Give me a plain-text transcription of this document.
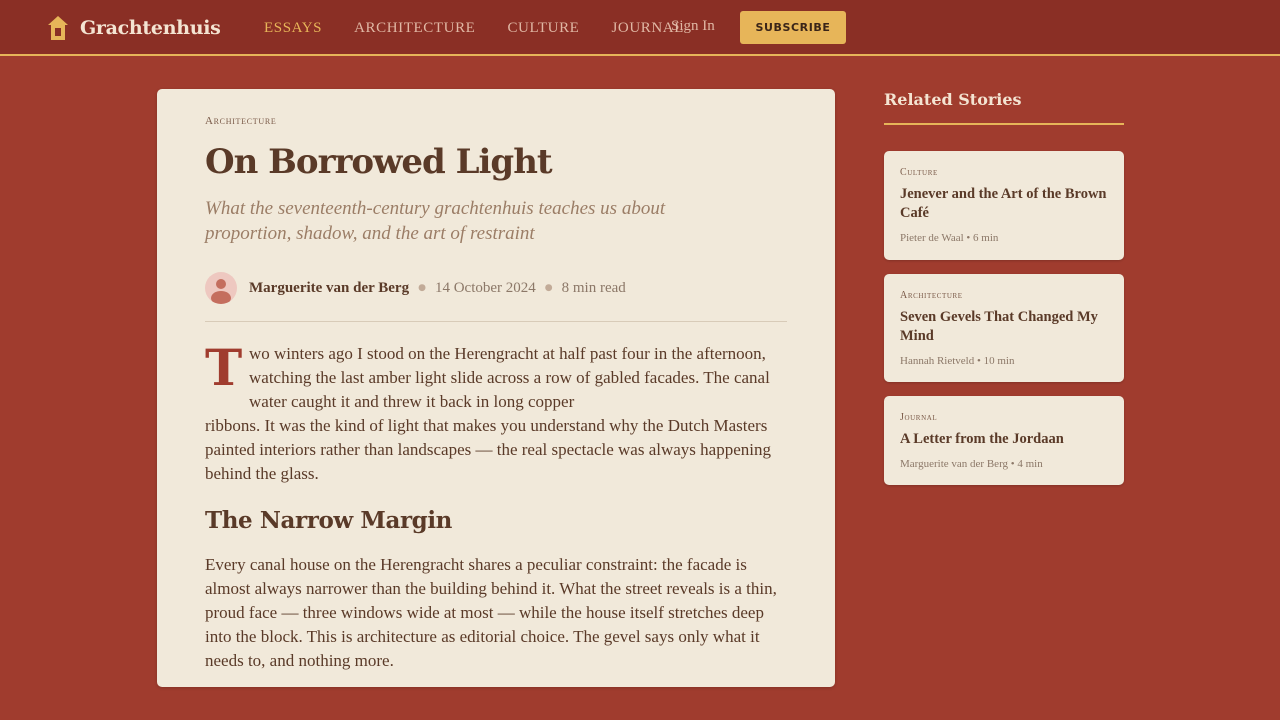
Grachtenhuis	ESSAYS ARCHITECTURE CULTURE JOURNAL
Sign In	SUBSCRIBE
Architecture
On Borrowed Light

What the seventeenth-century grachtenhuis teaches us about proportion, shadow, and the art of restraint

Marguerite van der Berg ● 14 October 2024 ● 8 min read

T wo winters ago I stood on the Herengracht at half past four in the afternoon, watching the last amber light slide across a row of gabled facades. The canal water caught it and threw it back in long copper
ribbons. It was the kind of light that makes you understand why the Dutch Masters painted interiors rather than landscapes — the real spectacle was always happening behind the glass.

The Narrow Margin

Every canal house on the Herengracht shares a peculiar constraint: the facade is almost always narrower than the building behind it. What the street reveals is a thin, proud face — three windows wide at most — while the house itself stretches deep into the block. This is architecture as editorial choice. The gevel says only what it needs to, and nothing more.

Related Stories
Culture
Jenever and the Art of the Brown Café
Pieter de Waal • 6 min
Architecture
Seven Gevels That Changed My Mind
Hannah Rietveld • 10 min
Journal
A Letter from the Jordaan
Marguerite van der Berg • 4 min
